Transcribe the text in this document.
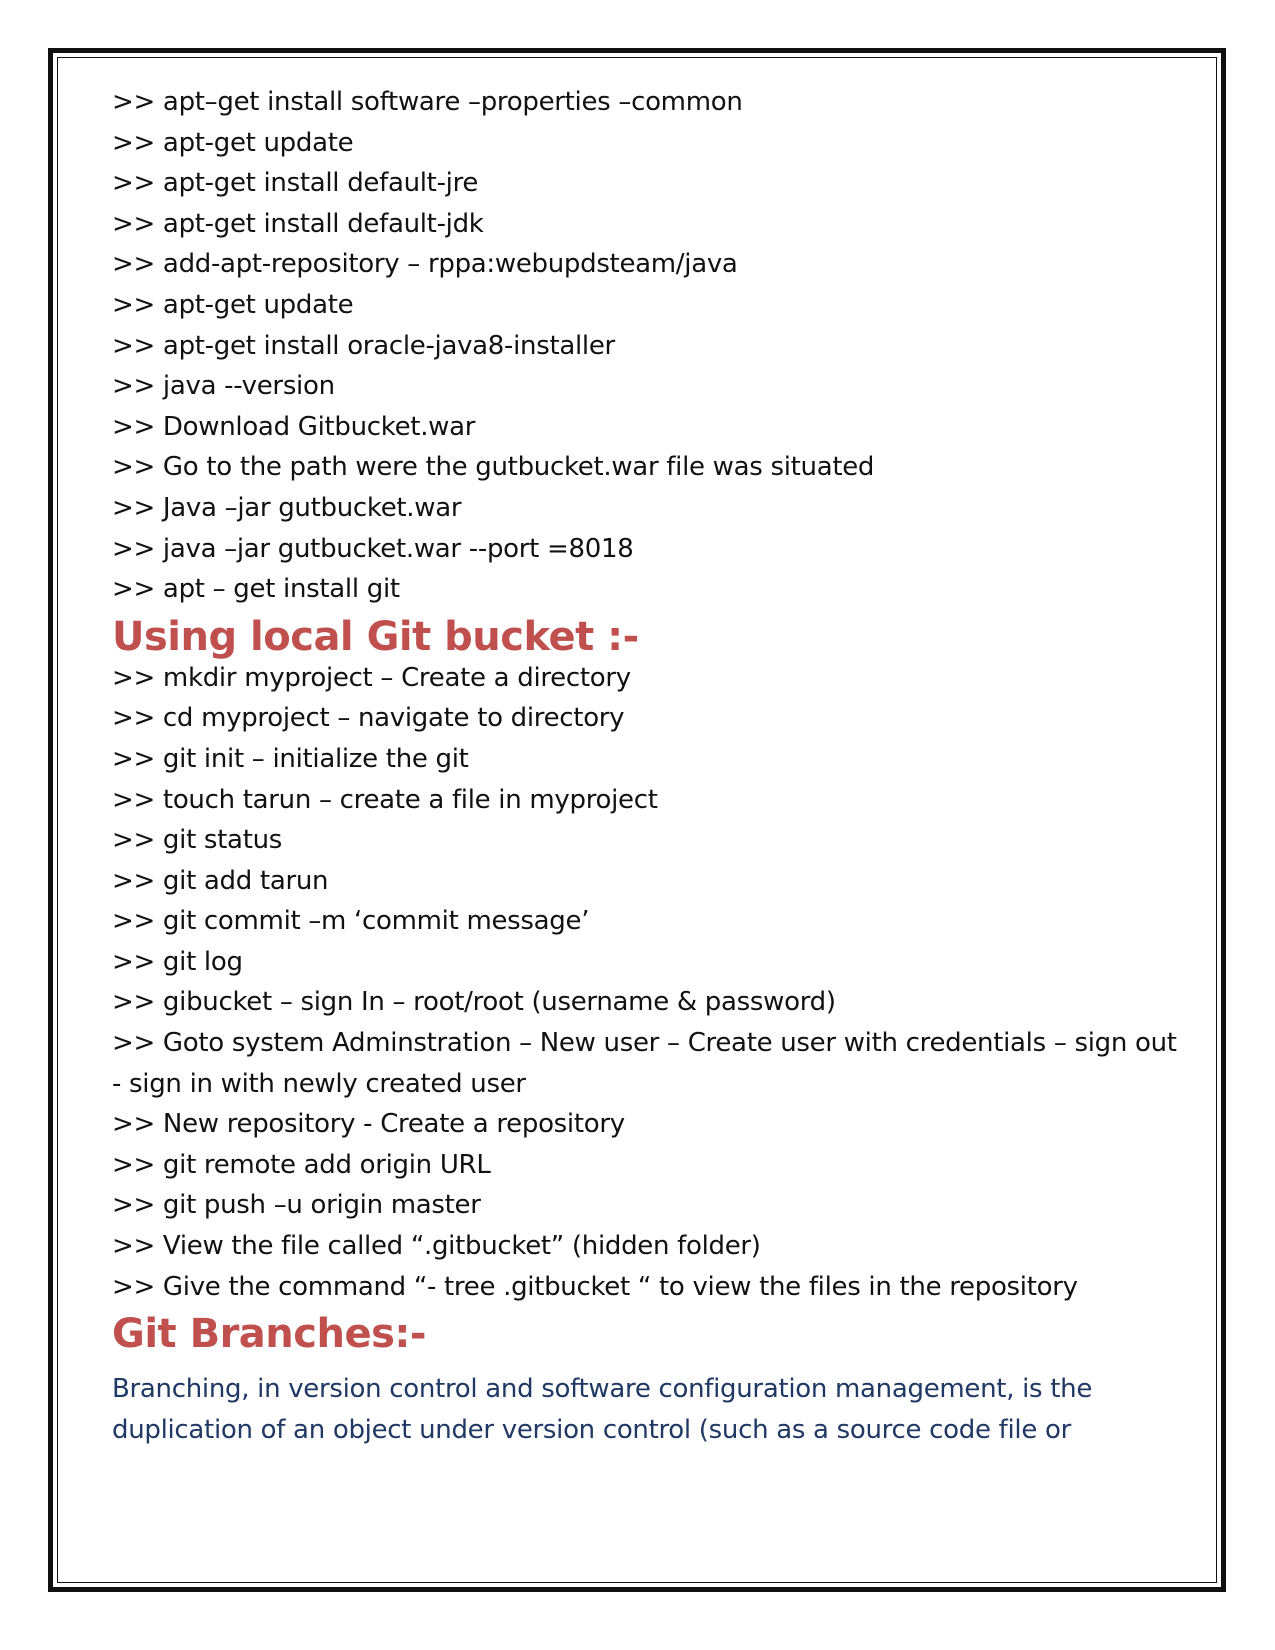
>> apt–get install software –properties –common
>> apt-get update
>> apt-get install default-jre
>> apt-get install default-jdk
>> add-apt-repository – rppa:webupdsteam/java
>> apt-get update
>> apt-get install oracle-java8-installer
>> java --version
>> Download Gitbucket.war
>> Go to the path were the gutbucket.war file was situated
>> Java –jar gutbucket.war
>> java –jar gutbucket.war --port =8018
>> apt – get install git
Using local Git bucket :-
>> mkdir myproject – Create a directory
>> cd myproject – navigate to directory
>> git init – initialize the git
>> touch tarun – create a file in myproject
>> git status
>> git add tarun
>> git commit –m ‘commit message’
>> git log
>> gibucket – sign In – root/root (username & password)
>> Goto system Adminstration – New user – Create user with credentials – sign out - sign in with newly created user
>> New repository - Create a repository
>> git remote add origin URL
>> git push –u origin master
>> View the file called “.gitbucket” (hidden folder)
>> Give the command “- tree .gitbucket “ to view the files in the repository
Git Branches:-
Branching, in version control and software configuration management, is the duplication of an object under version control (such as a source code file or
